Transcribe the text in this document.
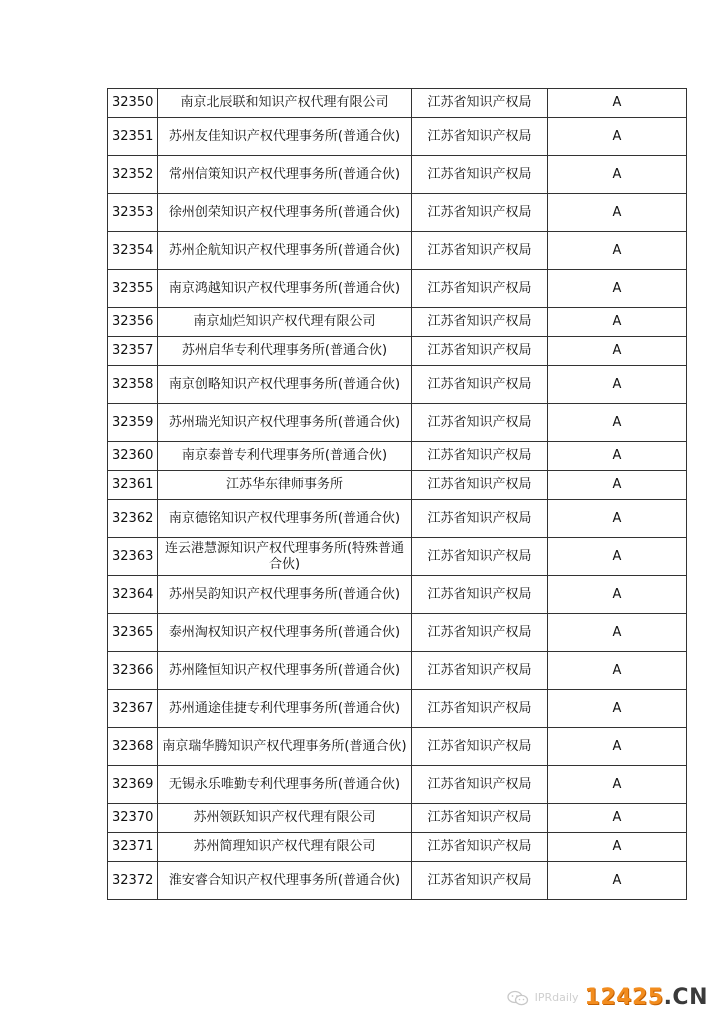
32350	南京北辰联和知识产权代理有限公司	江苏省知识产权局	A
32351	苏州友佳知识产权代理事务所(普通合伙)	江苏省知识产权局	A
32352	常州信策知识产权代理事务所(普通合伙)	江苏省知识产权局	A
32353	徐州创荣知识产权代理事务所(普通合伙)	江苏省知识产权局	A
32354	苏州企航知识产权代理事务所(普通合伙)	江苏省知识产权局	A
32355	南京鸿越知识产权代理事务所(普通合伙)	江苏省知识产权局	A
32356	南京灿烂知识产权代理有限公司	江苏省知识产权局	A
32357	苏州启华专利代理事务所(普通合伙)	江苏省知识产权局	A
32358	南京创略知识产权代理事务所(普通合伙)	江苏省知识产权局	A
32359	苏州瑞光知识产权代理事务所(普通合伙)	江苏省知识产权局	A
32360	南京泰普专利代理事务所(普通合伙)	江苏省知识产权局	A
32361	江苏华东律师事务所	江苏省知识产权局	A
32362	南京德铭知识产权代理事务所(普通合伙)	江苏省知识产权局	A
32363	连云港慧源知识产权代理事务所(特殊普通合伙)	江苏省知识产权局	A
32364	苏州吴韵知识产权代理事务所(普通合伙)	江苏省知识产权局	A
32365	泰州淘权知识产权代理事务所(普通合伙)	江苏省知识产权局	A
32366	苏州隆恒知识产权代理事务所(普通合伙)	江苏省知识产权局	A
32367	苏州通途佳捷专利代理事务所(普通合伙)	江苏省知识产权局	A
32368	南京瑞华腾知识产权代理事务所(普通合伙)	江苏省知识产权局	A
32369	无锡永乐唯勤专利代理事务所(普通合伙)	江苏省知识产权局	A
32370	苏州领跃知识产权代理有限公司	江苏省知识产权局	A
32371	苏州简理知识产权代理有限公司	江苏省知识产权局	A
32372	淮安睿合知识产权代理事务所(普通合伙)	江苏省知识产权局	A
IPRdaily 12425.CN
